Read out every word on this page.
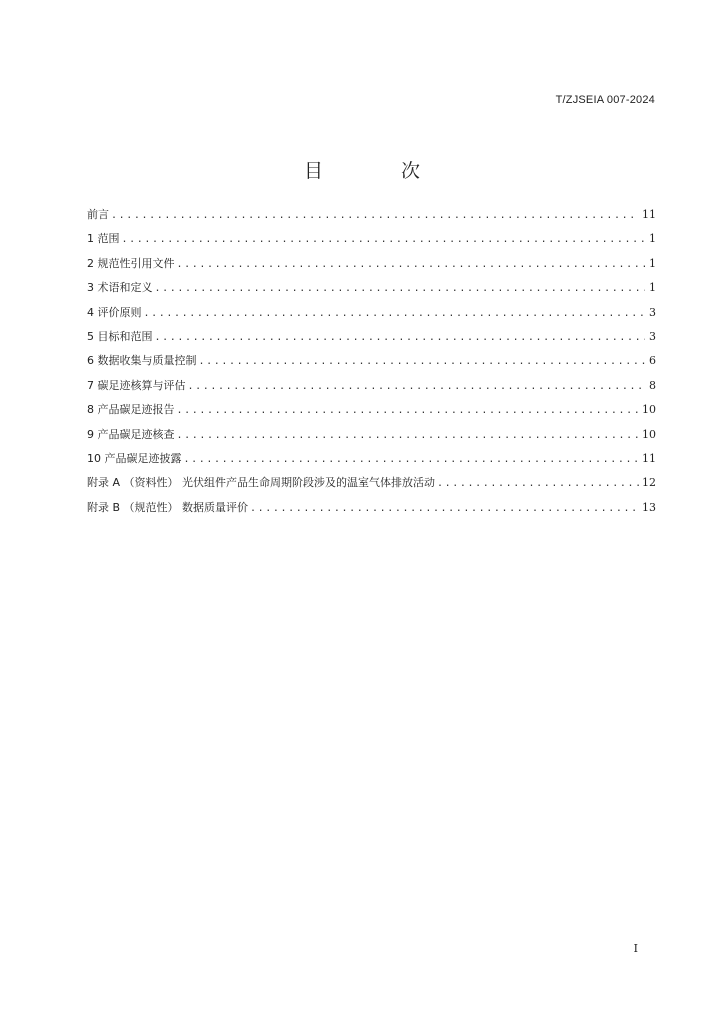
T/ZJSEIA 007-2024
目 次
前言 .....	11
1 范围 .....	1
2 规范性引用文件 .....	1
3 术语和定义 .....	1
4 评价原则 .....	3
5 目标和范围 .....	3
6 数据收集与质量控制 .....	6
7 碳足迹核算与评估 .....	8
8 产品碳足迹报告 .....	10
9 产品碳足迹核查 .....	10
10 产品碳足迹披露 .....	11
附录 A （资料性） 光伏组件产品生命周期阶段涉及的温室气体排放活动 .....	12
附录 B （规范性） 数据质量评价 .....	13
I
